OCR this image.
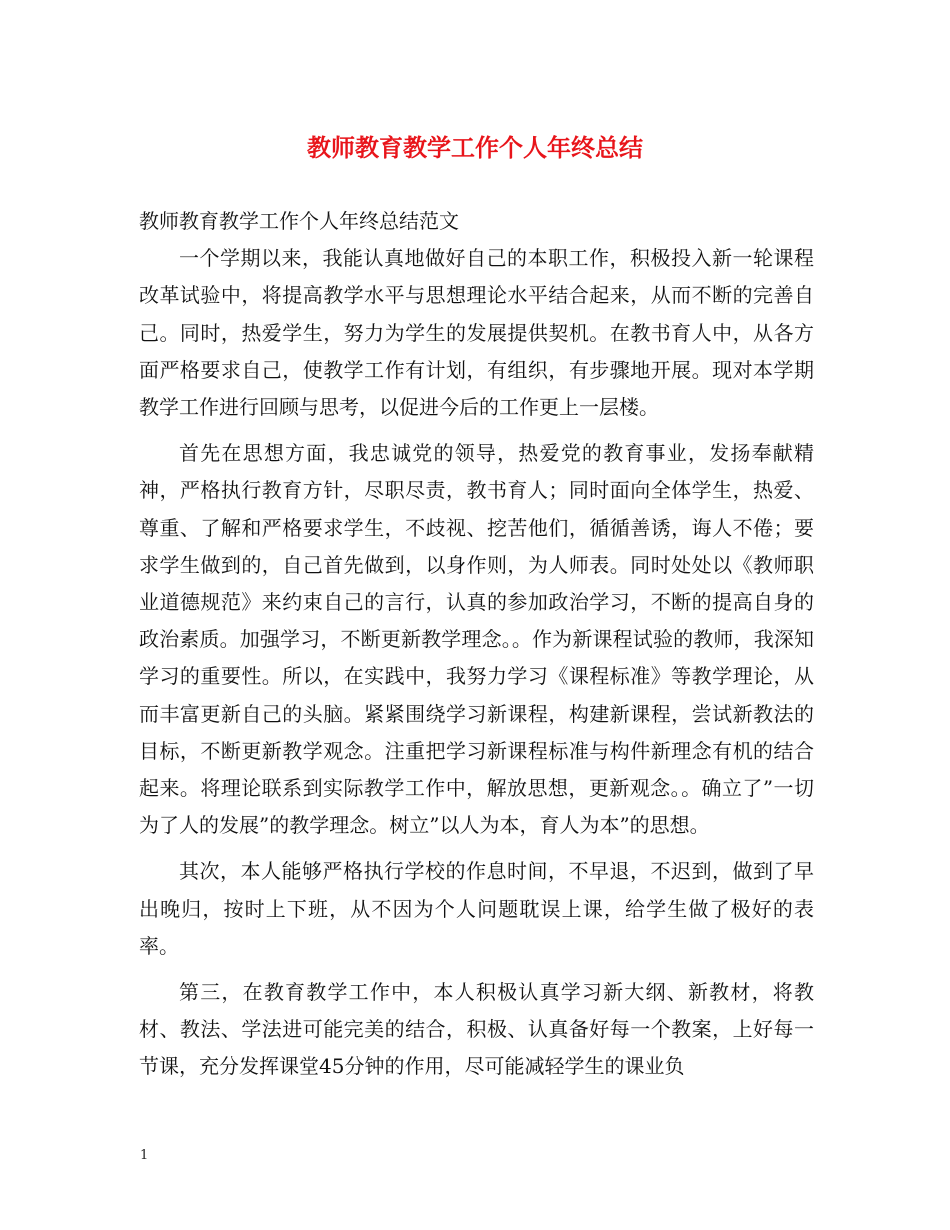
教师教育教学工作个人年终总结

教师教育教学工作个人年终总结范文

一个学期以来，我能认真地做好自己的本职工作，积极投入新一轮课程改革试验中，将提高教学水平与思想理论水平结合起来，从而不断的完善自己。同时，热爱学生，努力为学生的发展提供契机。在教书育人中，从各方面严格要求自己，使教学工作有计划，有组织，有步骤地开展。现对本学期教学工作进行回顾与思考，以促进今后的工作更上一层楼。

首先在思想方面，我忠诚党的领导，热爱党的教育事业，发扬奉献精神，严格执行教育方针，尽职尽责，教书育人；同时面向全体学生，热爱、尊重、了解和严格要求学生，不歧视、挖苦他们，循循善诱，诲人不倦；要求学生做到的，自己首先做到，以身作则，为人师表。同时处处以《教师职业道德规范》来约束自己的言行，认真的参加政治学习，不断的提高自身的政治素质。加强学习，不断更新教学理念。。作为新课程试验的教师，我深知学习的重要性。所以，在实践中，我努力学习《课程标准》等教学理论，从而丰富更新自己的头脑。紧紧围绕学习新课程，构建新课程，尝试新教法的目标，不断更新教学观念。注重把学习新课程标准与构件新理念有机的结合起来。将理论联系到实际教学工作中，解放思想，更新观念。。确立了”一切为了人的发展”的教学理念。树立”以人为本，育人为本”的思想。

其次，本人能够严格执行学校的作息时间，不早退，不迟到，做到了早出晚归，按时上下班，从不因为个人问题耽误上课，给学生做了极好的表率。

第三，在教育教学工作中，本人积极认真学习新大纲、新教材，将教材、教法、学法进可能完美的结合，积极、认真备好每一个教案，上好每一节课，充分发挥课堂45分钟的作用，尽可能减轻学生的课业负

1
